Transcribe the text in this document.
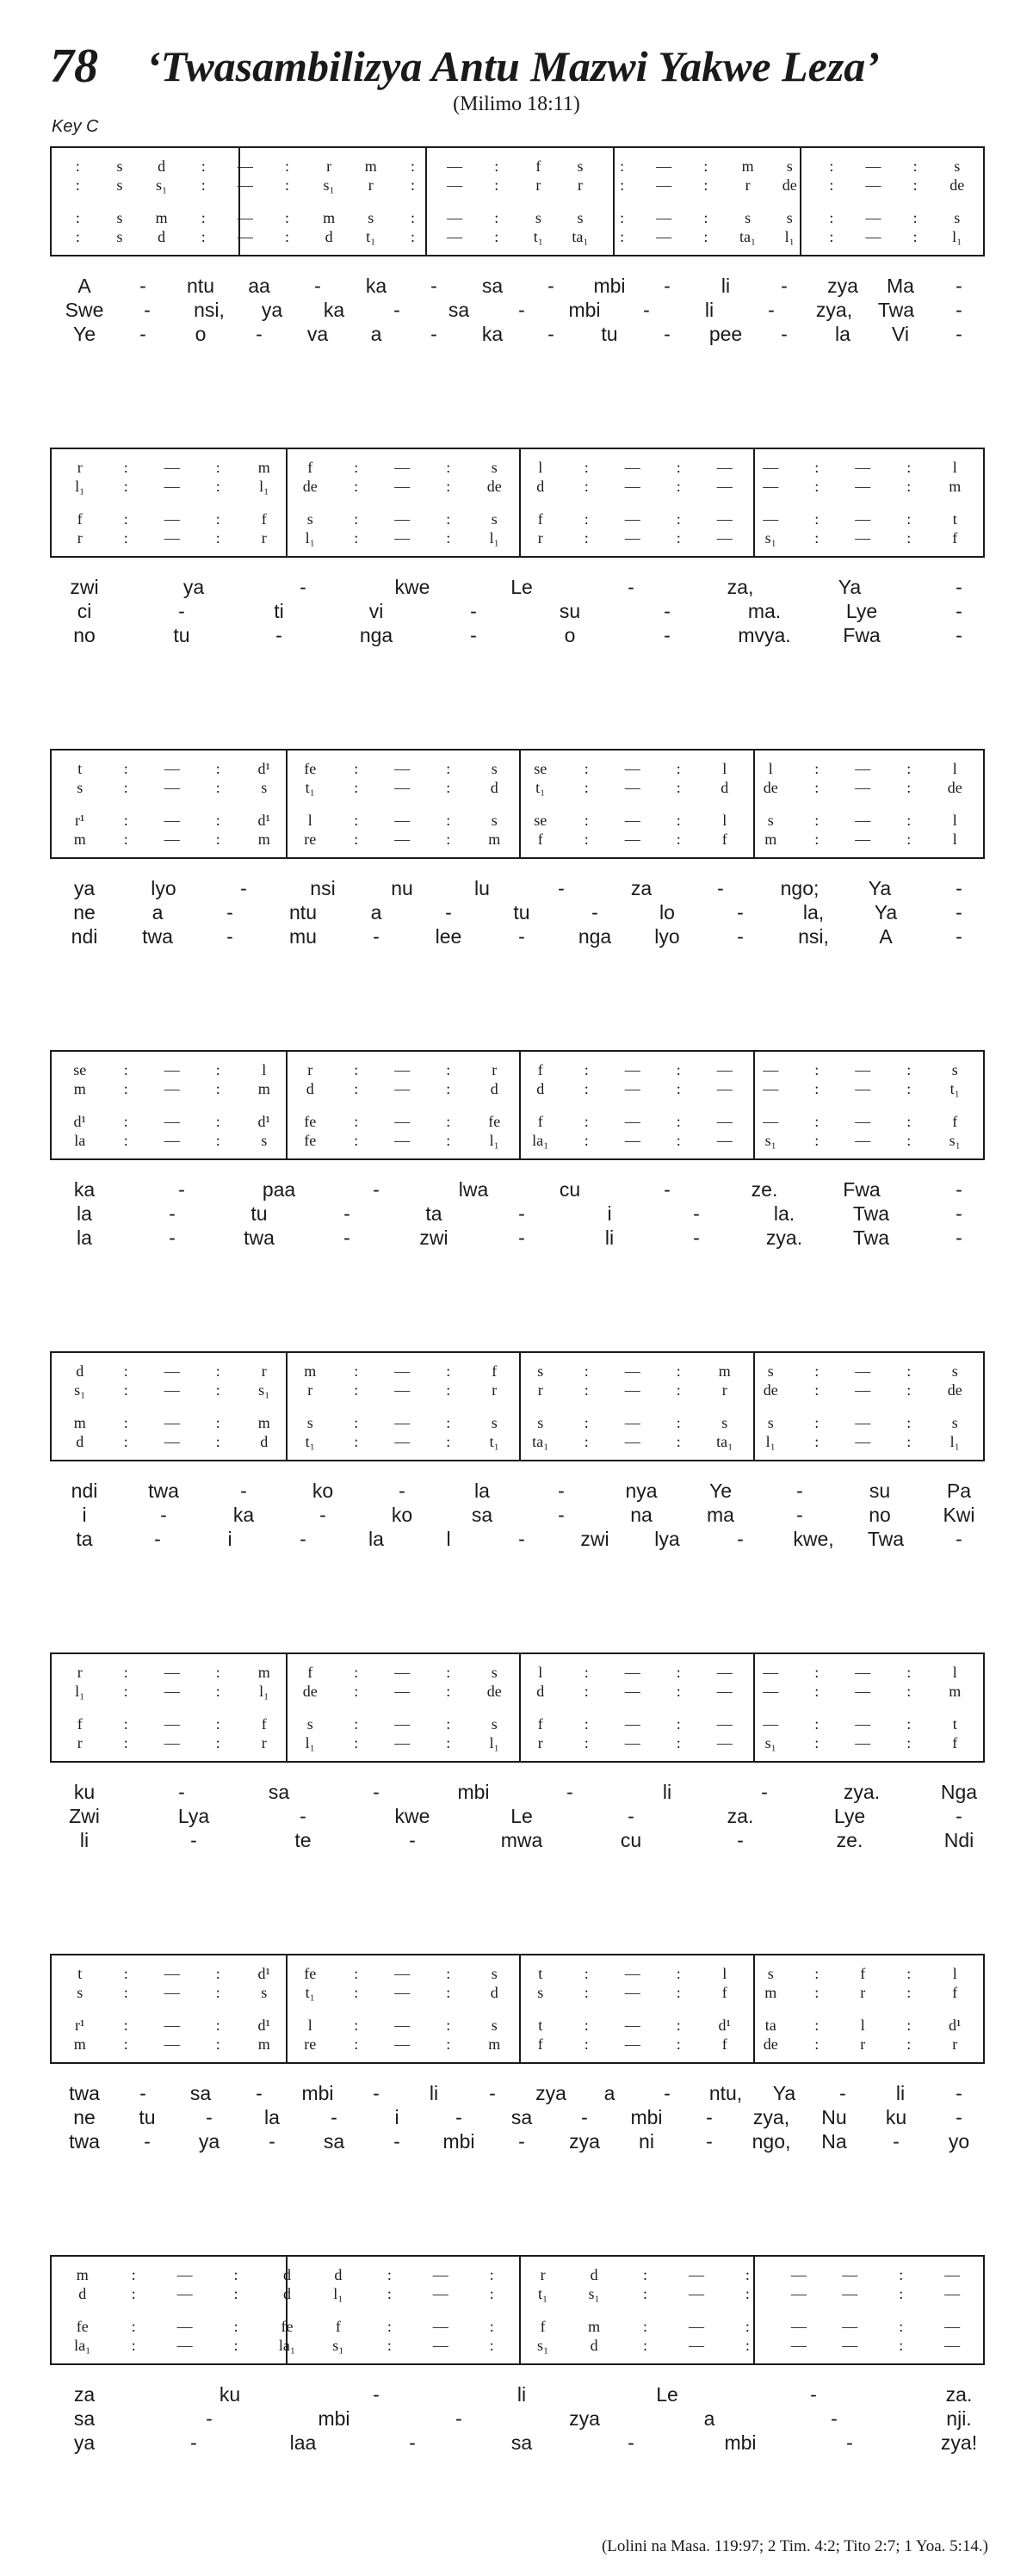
78 ‘Twasambilizya Antu Mazwi Yakwe Leza’
(Milimo 18:11)
Key C
:	s	d	:	—	:	r	m	:	—	:	f	s	:	—	:	m	s	:	—	:	s
:	s	s₁	:	—	:	s₁	r	:	—	:	r	r	:	—	:	r	de	:	—	:	de
:	s	m	:	—	:	m	s	:	—	:	s	s	:	—	:	s	s	:	—	:	s
:	s	d	:	—	:	d	t₁	:	—	:	t₁	ta₁	:	—	:	ta₁	l₁	:	—	:	l₁
A - ntu aa - ka - sa - mbi -	li	- zya Ma -
Swe - nsi, ya ka - sa - mbi -	li	- zya, Twa -
Ye - o	- va a - ka - tu - pee - la Vi -
r	:	—	:	m	f	:	—	:	s	l	:	—	:	—	—	:	—	:	l
l₁	:	—	:	l₁	de	:	—	:	de	d	:	—	:	—	—	:	—	:	m
f	:	—	:	f	s	:	—	:	s	f	:	—	:	—	—	:	—	:	t
r	:	—	:	r	l₁	:	—	:	l₁	r	:	—	:	—	s₁	:	—	:	f
zwi	ya	-	kwe	Le	-	za,	Ya	-
ci	-	ti	vi	-	su	-	ma.	Lye	-
no	tu	-	nga	-	o	-	mvya.	Fwa	-
t	:	—	:	d¹	fe	:	—	:	s	se	:	—	:	l	l	:	—	:	l
s	:	—	:	s	t₁	:	—	:	d	t₁	:	—	:	d	de	:	—	:	de
r¹	:	—	:	d¹	l	:	—	:	s	se	:	—	:	l	s	:	—	:	l
m	:	—	:	m	re	:	—	:	m	f	:	—	:	f	m	:	—	:	l
ya	lyo	-	nsi	nu	lu	-	za	-	ngo; Ya	-
ne	a	-	ntu	a	-	tu	-	lo	-	la,	Ya	-
ndi twa	-	mu	-	lee	-	nga lyo	-	nsi,	A	-
se	:	—	:	l	r	:	—	:	r	f	:	—	:	—	—	:	—	:	s
m	:	—	:	m	d	:	—	:	d	d	:	—	:	—	—	:	—	:	t₁
d¹	:	—	:	d¹	fe	:	—	:	fe	f	:	—	:	—	—	:	—	:	f
la	:	—	:	s	fe	:	—	:	l₁	la₁	:	—	:	—	s₁	:	—	:	s₁
ka	-	paa	-	lwa	cu	-	ze.	Fwa	-
la	-	tu	-	ta	-	i	-	la.	Twa	-
la	-	twa	-	zwi	-	li	-	zya.	Twa	-
d	:	—	:	r	m	:	—	:	f	s	:	—	:	m	s	:	—	:	s
s₁	:	—	:	s₁	r	:	—	:	r	r	:	—	:	r	de	:	—	:	de
m	:	—	:	m	s	:	—	:	s	s	:	—	:	s	s	:	—	:	s
d	:	—	:	d	t₁	:	—	:	t₁	ta₁	:	—	:	ta₁	l₁	:	—	:	l₁
ndi	twa	-	ko	-	la	-	nya	Ye	-	su	Pa
i	-	ka	-	ko	sa	-	na	ma	-	no	Kwi
ta	-	i	-	la	l	-	zwi lya	-	kwe, Twa	-
r	:	—	:	m	f	:	—	:	s	l	:	—	:	—	—	:	—	:	l
l₁	:	—	:	l₁	de	:	—	:	de	d	:	—	:	—	—	:	—	:	m
f	:	—	:	f	s	:	—	:	s	f	:	—	:	—	—	:	—	:	t
r	:	—	:	r	l₁	:	—	:	l₁	r	:	—	:	—	s₁	:	—	:	f
ku	-	sa	-	mbi	-	li	-	zya.	Nga
Zwi	Lya	-	kwe	Le	-	za.	Lye	-
li	-	te	-	mwa	cu	-	ze.	Ndi
t	:	—	:	d¹	fe	:	—	:	s	t	:	—	:	l	s	:	f	:	l
s	:	—	:	s	t₁	:	—	:	d	s	:	—	:	f	m	:	r	:	f
r¹	:	—	:	d¹	l	:	—	:	s	t	:	—	:	d¹	ta	:	l	:	d¹
m	:	—	:	m	re	:	—	:	m	f	:	—	:	f	de	:	r	:	r
twa - sa - mbi -	li	- zya a - ntu, Ya -	li	-
ne tu	-	la	-	i	- sa - mbi - zya, Nu ku -
twa - ya - sa - mbi - zya ni	- ngo, Na - yo
m	:	—	:	d	d	:	—	:	r	d	:	—	:	—	—	:	—
d	:	—	:	d	l₁	:	—	:	t₁	s₁	:	—	:	—	—	:	—
fe	:	—	:	fe	f	:	—	:	f	m	:	—	:	—	—	:	—
la₁	:	—	:	la₁	s₁	:	—	:	s₁	d	:	—	:	—	—	:	—
za	ku	-	li	Le	-	za.
sa	-	mbi	-	zya	a	-	nji.
ya	-	laa	-	sa	-	mbi	-	zya!
(Lolini na Masa. 119:97; 2 Tim. 4:2; Tito 2:7; 1 Yoa. 5:14.)
